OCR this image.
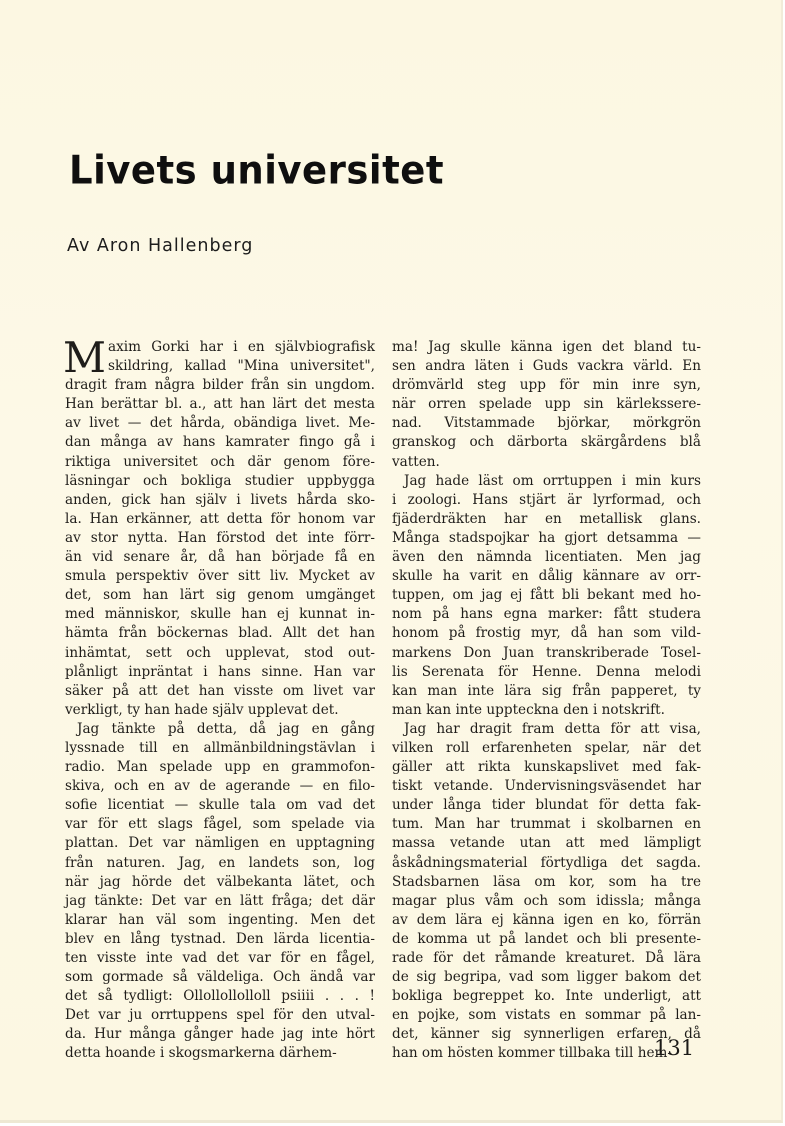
Livets universitet
Av Aron Hallenberg
M axim Gorki har i en självbiografisk
skildring, kallad "Mina universitet",
dragit fram några bilder från sin ungdom.
Han berättar bl. a., att han lärt det mesta
av livet — det hårda, obändiga livet. Me-
dan många av hans kamrater fingo gå i
riktiga universitet och där genom före-
läsningar och bokliga studier uppbygga
anden, gick han själv i livets hårda sko-
la. Han erkänner, att detta för honom var
av stor nytta. Han förstod det inte förr-
än vid senare år, då han började få en
smula perspektiv över sitt liv. Mycket av
det, som han lärt sig genom umgänget
med människor, skulle han ej kunnat in-
hämta från böckernas blad. Allt det han
inhämtat, sett och upplevat, stod out-
plånligt inpräntat i hans sinne. Han var
säker på att det han visste om livet var
verkligt, ty han hade själv upplevat det.
Jag tänkte på detta, då jag en gång
lyssnade till en allmänbildningstävlan i
radio. Man spelade upp en grammofon-
skiva, och en av de agerande — en filo-
sofie licentiat — skulle tala om vad det
var för ett slags fågel, som spelade via
plattan. Det var nämligen en upptagning
från naturen. Jag, en landets son, log
när jag hörde det välbekanta lätet, och
jag tänkte: Det var en lätt fråga; det där
klarar han väl som ingenting. Men det
blev en lång tystnad. Den lärda licentia-
ten visste inte vad det var för en fågel,
som gormade så väldeliga. Och ändå var
det så tydligt: Ollollollolloll psiiii . . . !
Det var ju orrtuppens spel för den utval-
da. Hur många gånger hade jag inte hört
detta hoande i skogsmarkerna därhem-
ma! Jag skulle känna igen det bland tu-
sen andra läten i Guds vackra värld. En
drömvärld steg upp för min inre syn,
när orren spelade upp sin kärlekssere-
nad. Vitstammade björkar, mörkgrön
granskog och därborta skärgårdens blå
vatten.
Jag hade läst om orrtuppen i min kurs
i zoologi. Hans stjärt är lyrformad, och
fjäderdräkten har en metallisk glans.
Många stadspojkar ha gjort detsamma —
även den nämnda licentiaten. Men jag
skulle ha varit en dålig kännare av orr-
tuppen, om jag ej fått bli bekant med ho-
nom på hans egna marker: fått studera
honom på frostig myr, då han som vild-
markens Don Juan transkriberade Tosel-
lis Serenata för Henne. Denna melodi
kan man inte lära sig från papperet, ty
man kan inte uppteckna den i notskrift.
Jag har dragit fram detta för att visa,
vilken roll erfarenheten spelar, när det
gäller att rikta kunskapslivet med fak-
tiskt vetande. Undervisningsväsendet har
under långa tider blundat för detta fak-
tum. Man har trummat i skolbarnen en
massa vetande utan att med lämpligt
åskådningsmaterial förtydliga det sagda.
Stadsbarnen läsa om kor, som ha tre
magar plus våm och som idissla; många
av dem lära ej känna igen en ko, förrän
de komma ut på landet och bli presente-
rade för det råmande kreaturet. Då lära
de sig begripa, vad som ligger bakom det
bokliga begreppet ko. Inte underligt, att
en pojke, som vistats en sommar på lan-
det, känner sig synnerligen erfaren, då
han om hösten kommer tillbaka till hem-
131
